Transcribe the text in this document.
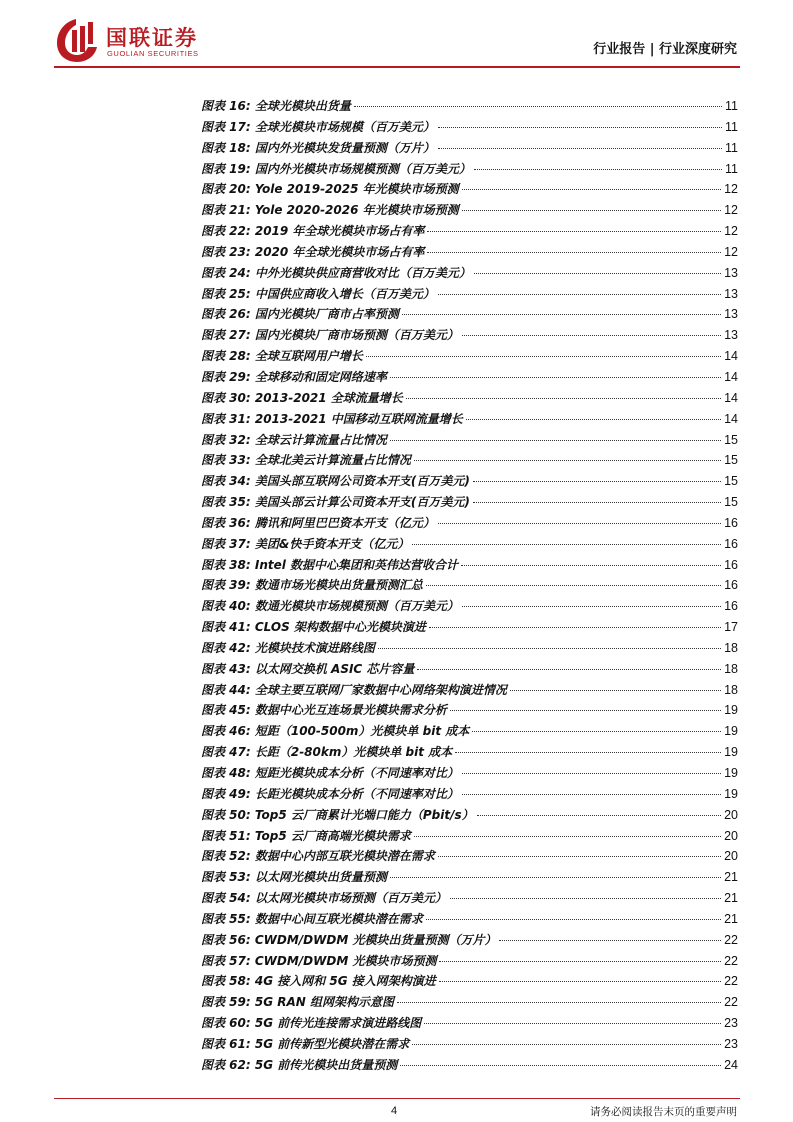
国联证券
GUOLIAN SECURITIES	行业报告 | 行业深度研究
图表 16: 全球光模块出货量	11
图表 17: 全球光模块市场规模（百万美元）	11
图表 18: 国内外光模块发货量预测（万片）	11
图表 19: 国内外光模块市场规模预测（百万美元）	11
图表 20: Yole 2019-2025 年光模块市场预测	12
图表 21: Yole 2020-2026 年光模块市场预测	12
图表 22: 2019 年全球光模块市场占有率	12
图表 23: 2020 年全球光模块市场占有率	12
图表 24: 中外光模块供应商营收对比（百万美元）	13
图表 25: 中国供应商收入增长（百万美元）	13
图表 26: 国内光模块厂商市占率预测	13
图表 27: 国内光模块厂商市场预测（百万美元）	13
图表 28: 全球互联网用户增长	14
图表 29: 全球移动和固定网络速率	14
图表 30: 2013-2021 全球流量增长	14
图表 31: 2013-2021 中国移动互联网流量增长	14
图表 32: 全球云计算流量占比情况	15
图表 33: 全球北美云计算流量占比情况	15
图表 34: 美国头部互联网公司资本开支(百万美元)	15
图表 35: 美国头部云计算公司资本开支(百万美元)	15
图表 36: 腾讯和阿里巴巴资本开支（亿元）	16
图表 37: 美团&快手资本开支（亿元）	16
图表 38: Intel 数据中心集团和英伟达营收合计	16
图表 39: 数通市场光模块出货量预测汇总	16
图表 40: 数通光模块市场规模预测（百万美元）	16
图表 41: CLOS 架构数据中心光模块演进	17
图表 42: 光模块技术演进路线图	18
图表 43: 以太网交换机 ASIC 芯片容量	18
图表 44: 全球主要互联网厂家数据中心网络架构演进情况	18
图表 45: 数据中心光互连场景光模块需求分析	19
图表 46: 短距（100-500m）光模块单 bit 成本	19
图表 47: 长距（2-80km）光模块单 bit 成本	19
图表 48: 短距光模块成本分析（不同速率对比）	19
图表 49: 长距光模块成本分析（不同速率对比）	19
图表 50: Top5 云厂商累计光端口能力（Pbit/s）	20
图表 51: Top5 云厂商高端光模块需求	20
图表 52: 数据中心内部互联光模块潜在需求	20
图表 53: 以太网光模块出货量预测	21
图表 54: 以太网光模块市场预测（百万美元）	21
图表 55: 数据中心间互联光模块潜在需求	21
图表 56: CWDM/DWDM 光模块出货量预测（万片）	22
图表 57: CWDM/DWDM 光模块市场预测	22
图表 58: 4G 接入网和 5G 接入网架构演进	22
图表 59: 5G RAN 组网架构示意图	22
图表 60: 5G 前传光连接需求演进路线图	23
图表 61: 5G 前传新型光模块潜在需求	23
图表 62: 5G 前传光模块出货量预测	24
4	请务必阅读报告末页的重要声明
